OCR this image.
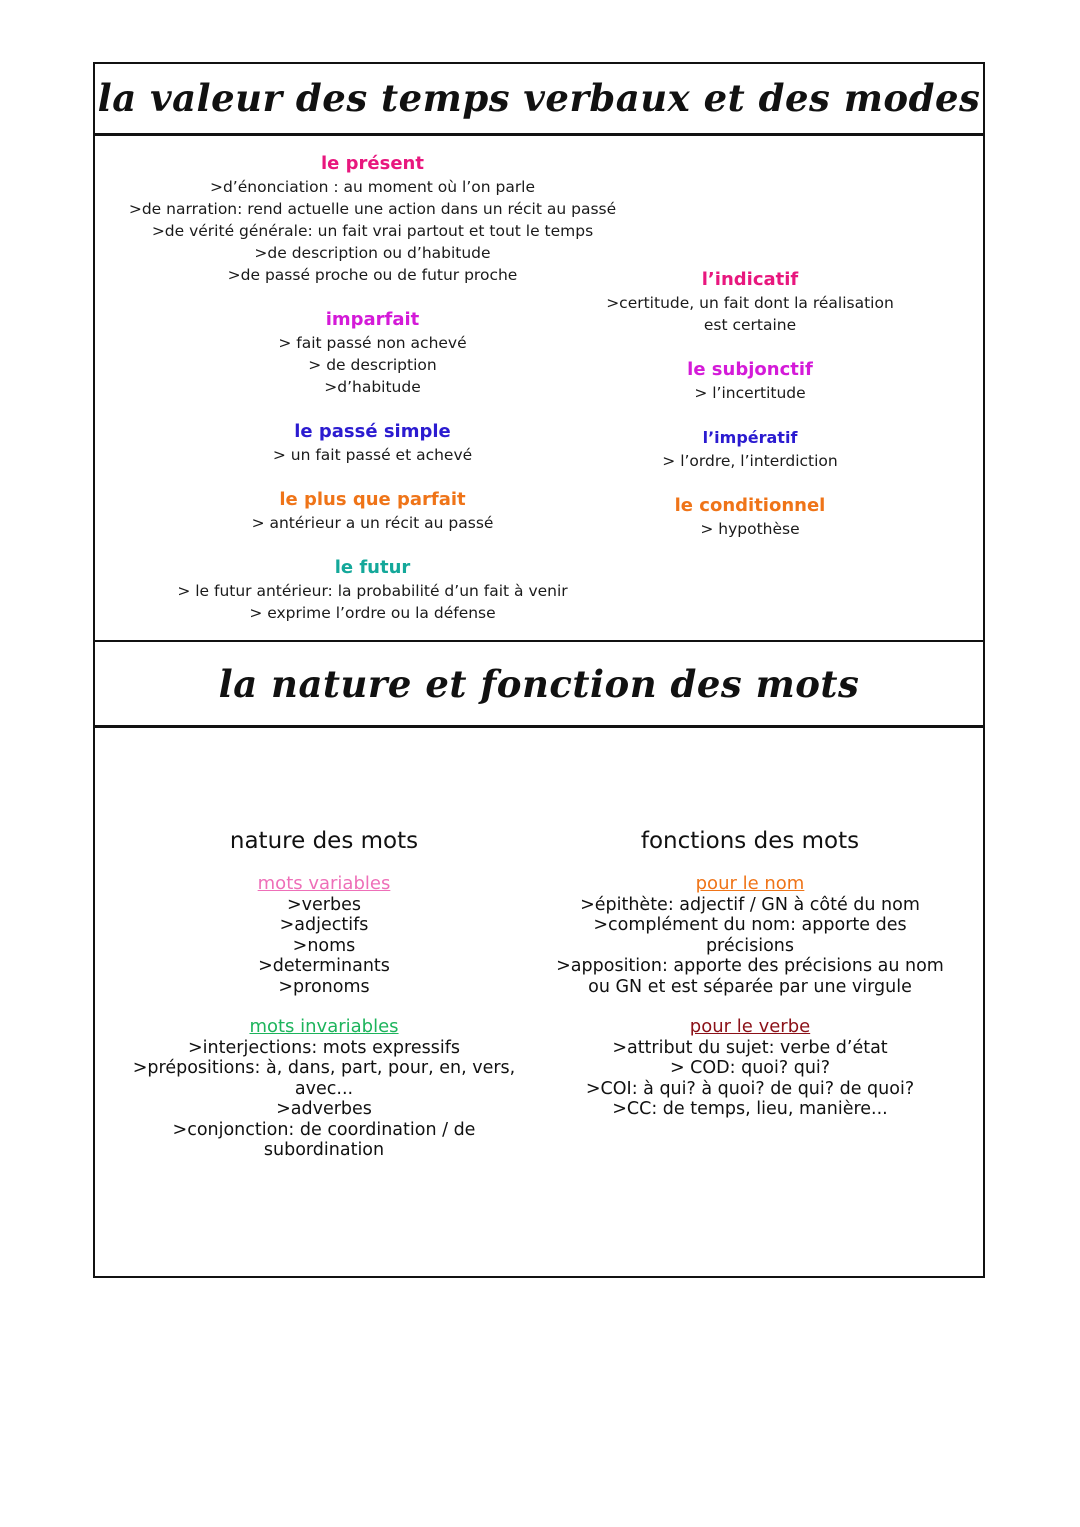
la valeur des temps verbaux et des modes
le présent
>d’énonciation : au moment où l’on parle
>de narration: rend actuelle une action dans un récit au passé
>de vérité générale: un fait vrai partout et tout le temps
>de description ou d’habitude
>de passé proche ou de futur proche
imparfait
> fait passé non achevé
> de description
>d’habitude
le passé simple
> un fait passé et achevé
le plus que parfait
> antérieur a un récit au passé
le futur
> le futur antérieur: la probabilité d’un fait à venir
> exprime l’ordre ou la défense
l’indicatif
>certitude, un fait dont la réalisation
est certaine
le subjonctif
> l’incertitude
l’impératif
> l’ordre, l’interdiction
le conditionnel
> hypothèse
la nature et fonction des mots
nature des mots
mots variables
>verbes
>adjectifs
>noms
>determinants
>pronoms
mots invariables
>interjections: mots expressifs
>prépositions: à, dans, part, pour, en, vers,
avec...
>adverbes
>conjonction: de coordination / de
subordination
fonctions des mots
pour le nom
>épithète: adjectif / GN à côté du nom
>complément du nom: apporte des
précisions
>apposition: apporte des précisions au nom
ou GN et est séparée par une virgule
pour le verbe
>attribut du sujet: verbe d’état
> COD: quoi? qui?
>COI: à qui? à quoi? de qui? de quoi?
>CC: de temps, lieu, manière...
